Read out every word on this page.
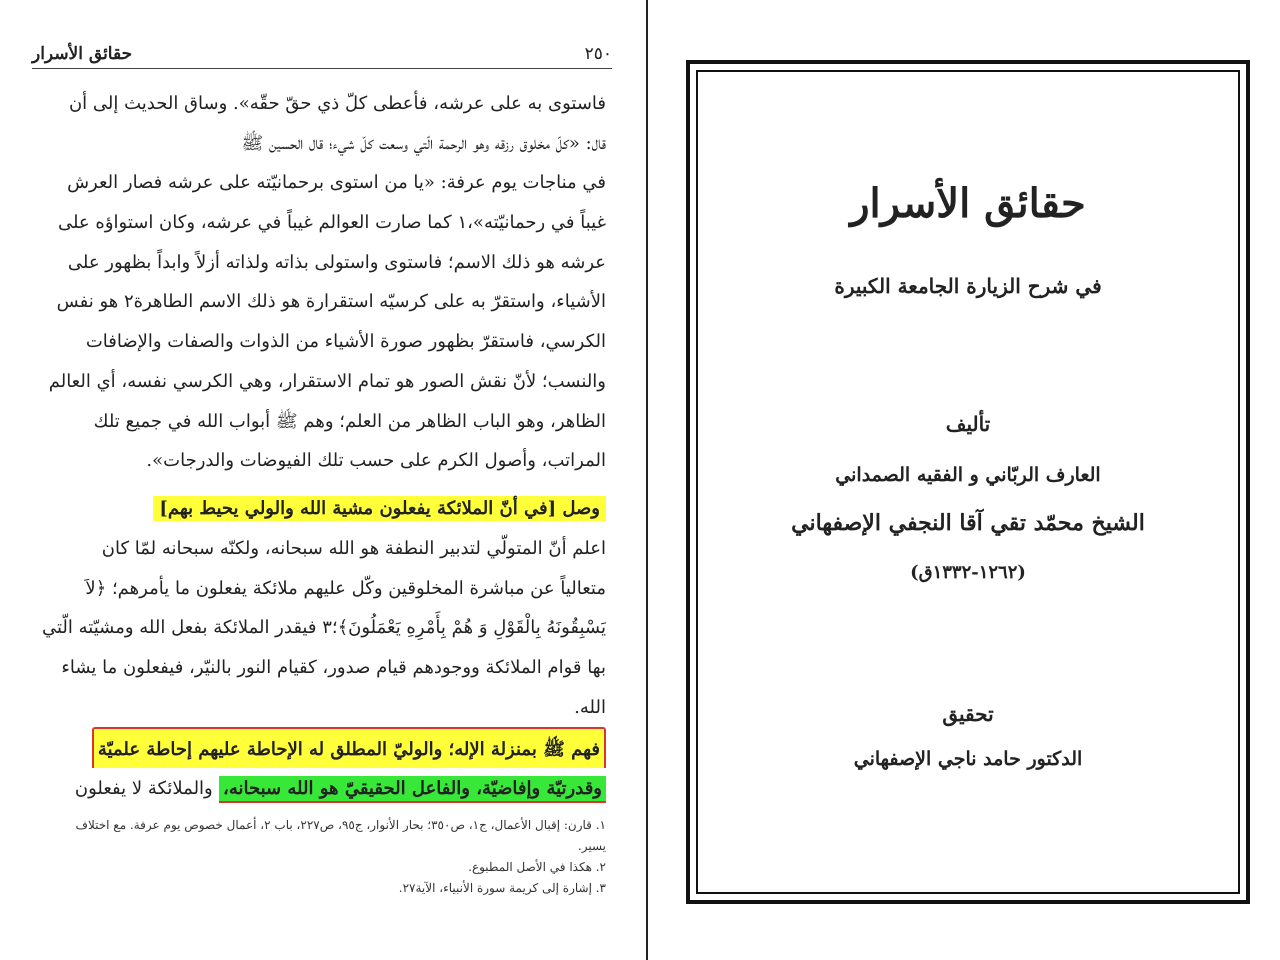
حقائق الأسرار	٢٥٠
فاستوى به على عرشه، فأعطى كلّ ذي حقّ حقّه». وساق الحديث إلى أن
قال: «كلّ مخلوق رزقه وهو الرحمة الّتي وسعت كلّ شيء؛ قال الحسين ﷺ
في مناجات يوم عرفة: «يا من استوى برحمانيّته على عرشه فصار العرش
غيباً في رحمانيّته»،١ كما صارت العوالم غيباً في عرشه، وكان استواؤه على
عرشه هو ذلك الاسم؛ فاستوى واستولى بذاته ولذاته أزلاً وابداً بظهور على
الأشياء، واستقرّ به على كرسيّه استقرارة هو ذلك الاسم الطاهرة٢ هو نفس
الكرسي، فاستقرّ بظهور صورة الأشياء من الذوات والصفات والإضافات
والنسب؛ لأنّ نقش الصور هو تمام الاستقرار، وهي الكرسي نفسه، أي العالم
الظاهر، وهو الباب الظاهر من العلم؛ وهم ﷺ أبواب الله في جميع تلك
المراتب، وأصول الكرم على حسب تلك الفيوضات والدرجات».
وصل [في أنّ الملائكة يفعلون مشية الله والولي يحيط بهم]
اعلم أنّ المتولّي لتدبير النطفة هو الله سبحانه، ولكنّه سبحانه لمّا كان
متعالياً عن مباشرة المخلوقين وكّل عليهم ملائكة يفعلون ما يأمرهم؛ ﴿لاَ
يَسْبِقُونَهُ بِالْقَوْلِ وَ هُمْ بِأَمْرِهِ يَعْمَلُونَ﴾؛٣ فيقدر الملائكة بفعل الله ومشيّته الّتي
بها قوام الملائكة ووجودهم قيام صدور، كقيام النور بالنيّر، فيفعلون ما يشاء
الله.
فهم ﷺ بمنزلة الإله؛ والوليّ المطلق له الإحاطة عليهم إحاطة علميّة
وقدرتيّة وإفاضيّة، والفاعل الحقيقيّ هو الله سبحانه، والملائكة لا يفعلون
١. قارن: إقبال الأعمال، ج١، ص٣٥٠؛ بحار الأنوار، ج٩٥، ص٢٢٧، باب ٢، أعمال خصوص يوم عرفة. مع اختلاف
يسير.
٢. هكذا في الأصل المطبوع.
٣. إشارة إلى كريمة سورة الأنبياء، الآية٢٧.
حقائق الأسرار
في شرح الزيارة الجامعة الكبيرة
تأليف
العارف الربّاني و الفقيه الصمداني
الشيخ محمّد تقي آقا النجفي الإصفهاني
(١٢٦٢-١٣٣٢ق)
تحقيق
الدكتور حامد ناجي الإصفهاني
